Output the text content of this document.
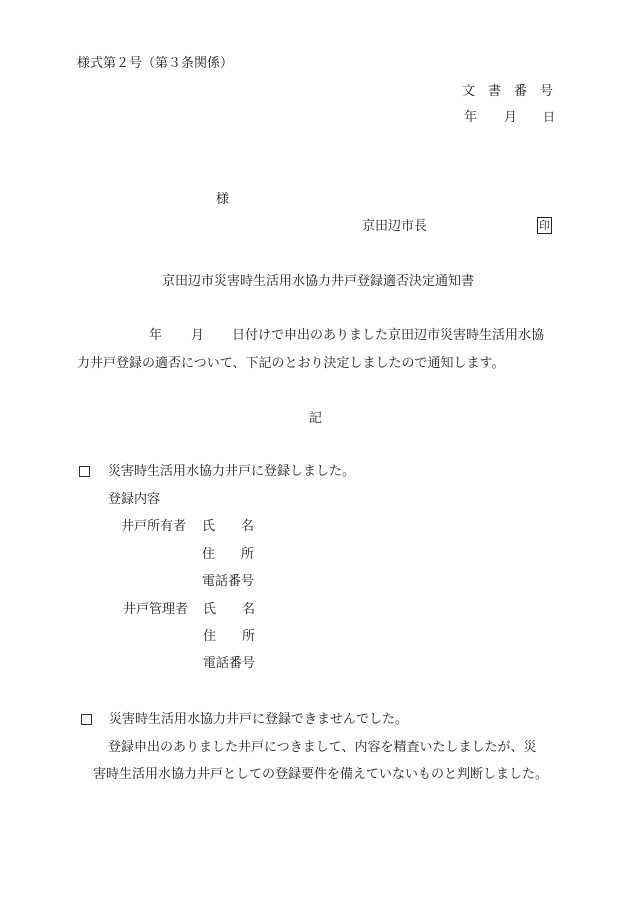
様式第２号（第３条関係）
文　書　番　号
年 月 日
様
京田辺市長	印
京田辺市災害時生活用水協力井戸登録適否決定通知書
年 月 日付けで申出のありました京田辺市災害時生活用水協
力井戸登録の適否について、下記のとおり決定しましたので通知します。
記
災害時生活用水協力井戸に登録しました。
登録内容
井戸所有者 氏　　名
住　　所
電話番号
井戸管理者 氏　　名
住　　所
電話番号
災害時生活用水協力井戸に登録できませんでした。
登録申出のありました井戸につきまして、内容を精査いたしましたが、災
害時生活用水協力井戸としての登録要件を備えていないものと判断しました。
